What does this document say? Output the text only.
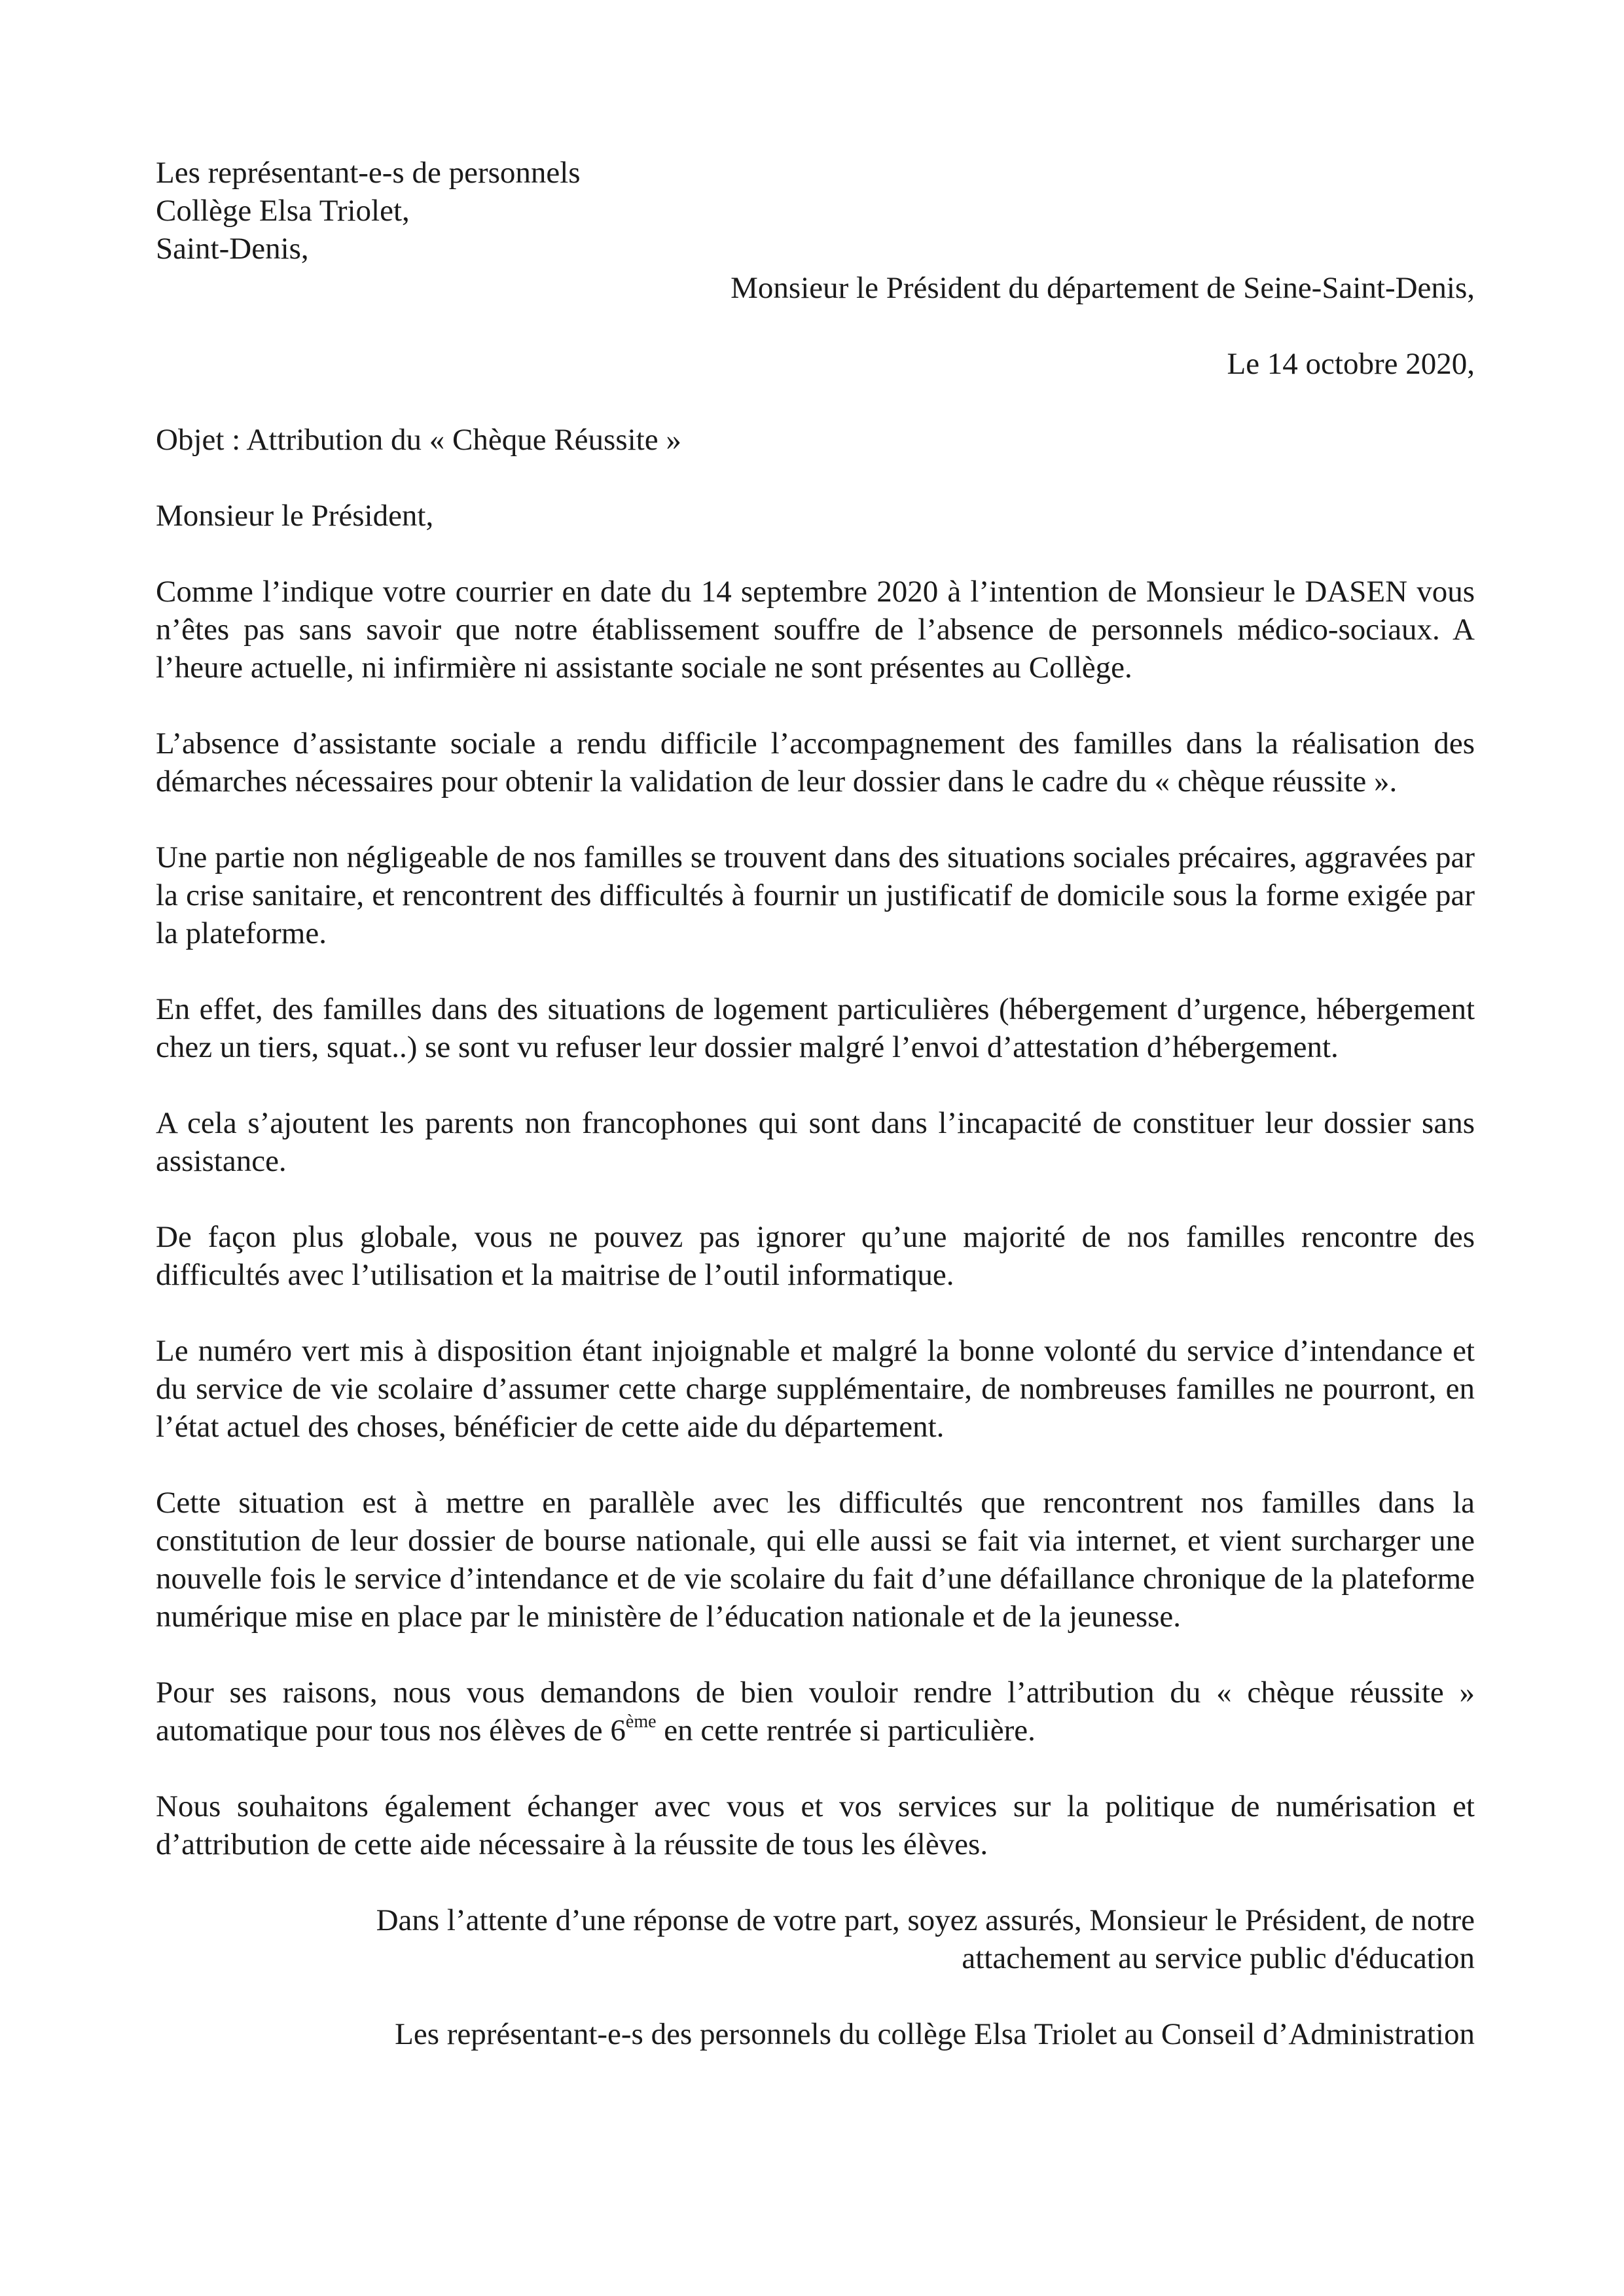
Les représentant-e-s de personnels
Collège Elsa Triolet,
Saint-Denis,
Monsieur le Président du département de Seine-Saint-Denis,
Le 14 octobre 2020,
Objet : Attribution du « Chèque Réussite »
Monsieur le Président,

Comme l’indique votre courrier en date du 14 septembre 2020 à l’intention de Monsieur le DASEN vous n’êtes pas sans savoir que notre établissement souffre de l’absence de personnels médico-sociaux. A l’heure actuelle, ni infirmière ni assistante sociale ne sont présentes au Collège.

L’absence d’assistante sociale a rendu difficile l’accompagnement des familles dans la réalisation des démarches nécessaires pour obtenir la validation de leur dossier dans le cadre du « chèque réussite ».

Une partie non négligeable de nos familles se trouvent dans des situations sociales précaires, aggravées par la crise sanitaire, et rencontrent des difficultés à fournir un justificatif de domicile sous la forme exigée par la plateforme.

En effet, des familles dans des situations de logement particulières (hébergement d’urgence, hébergement chez un tiers, squat..) se sont vu refuser leur dossier malgré l’envoi d’attestation d’hébergement.

A cela s’ajoutent les parents non francophones qui sont dans l’incapacité de constituer leur dossier sans assistance.

De façon plus globale, vous ne pouvez pas ignorer qu’une majorité de nos familles rencontre des difficultés avec l’utilisation et la maitrise de l’outil informatique.

Le numéro vert mis à disposition étant injoignable et malgré la bonne volonté du service d’intendance et du service de vie scolaire d’assumer cette charge supplémentaire, de nombreuses familles ne pourront, en l’état actuel des choses, bénéficier de cette aide du département.

Cette situation est à mettre en parallèle avec les difficultés que rencontrent nos familles dans la constitution de leur dossier de bourse nationale, qui elle aussi se fait via internet, et vient surcharger une nouvelle fois le service d’intendance et de vie scolaire du fait d’une défaillance chronique de la plateforme numérique mise en place par le ministère de l’éducation nationale et de la jeunesse.

Pour ses raisons, nous vous demandons de bien vouloir rendre l’attribution du « chèque réussite » automatique pour tous nos élèves de 6ème en cette rentrée si particulière.

Nous souhaitons également échanger avec vous et vos services sur la politique de numérisation et d’attribution de cette aide nécessaire à la réussite de tous les élèves.

Dans l’attente d’une réponse de votre part, soyez assurés, Monsieur le Président, de notre
attachement au service public d'éducation
Les représentant-e-s des personnels du collège Elsa Triolet au Conseil d’Administration
